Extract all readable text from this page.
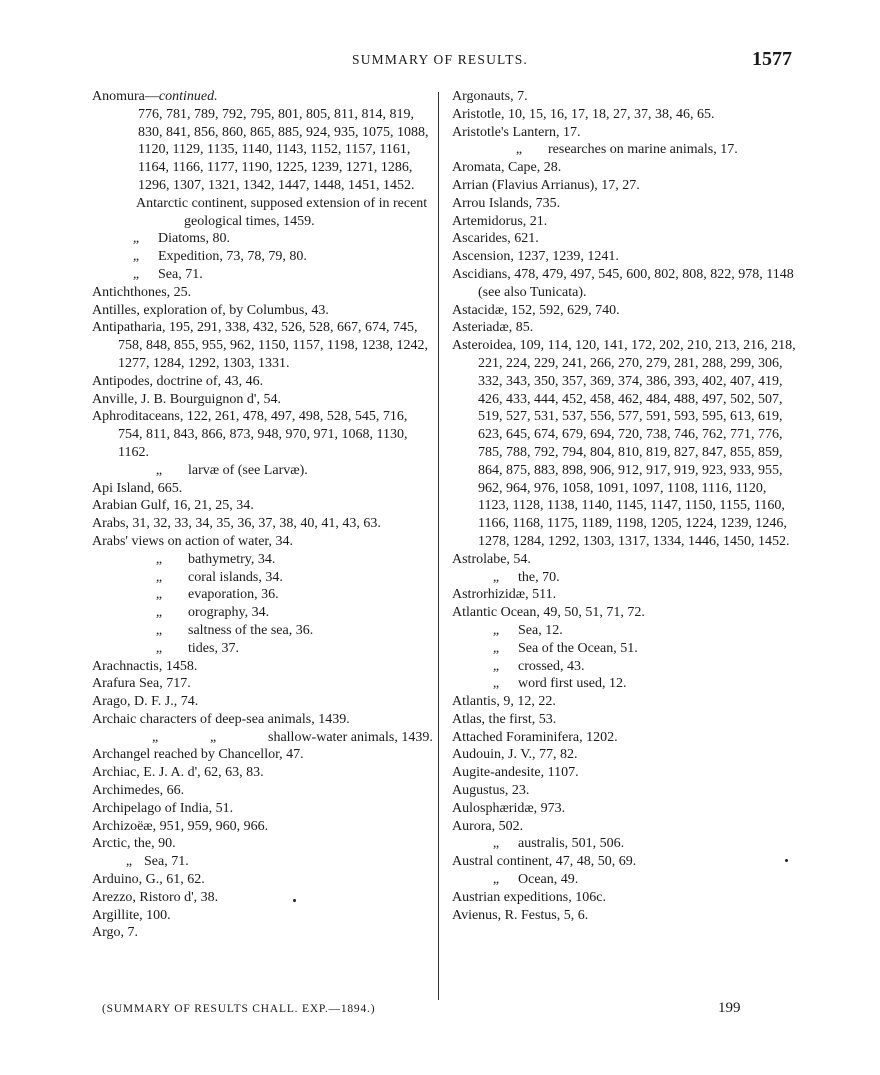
SUMMARY OF RESULTS.	1577
Anomura—continued.
776, 781, 789, 792, 795, 801, 805, 811, 814, 819, 830, 841, 856, 860, 865, 885, 924, 935, 1075, 1088, 1120, 1129, 1135, 1140, 1143, 1152, 1157, 1161, 1164, 1166, 1177, 1190, 1225, 1239, 1271, 1286, 1296, 1307, 1321, 1342, 1447, 1448, 1451, 1452.
Antarctic continent, supposed extension of in recent geological times, 1459.
„ Diatoms, 80.
„ Expedition, 73, 78, 79, 80.
„ Sea, 71.
Antichthones, 25.
Antilles, exploration of, by Columbus, 43.
Antipatharia, 195, 291, 338, 432, 526, 528, 667, 674, 745, 758, 848, 855, 955, 962, 1150, 1157, 1198, 1238, 1242, 1277, 1284, 1292, 1303, 1331.
Antipodes, doctrine of, 43, 46.
Anville, J. B. Bourguignon d', 54.
Aphroditaceans, 122, 261, 478, 497, 498, 528, 545, 716, 754, 811, 843, 866, 873, 948, 970, 971, 1068, 1130, 1162.
„ larvæ of (see Larvæ).
Api Island, 665.
Arabian Gulf, 16, 21, 25, 34.
Arabs, 31, 32, 33, 34, 35, 36, 37, 38, 40, 41, 43, 63.
Arabs' views on action of water, 34.
„ bathymetry, 34.
„ coral islands, 34.
„ evaporation, 36.
„ orography, 34.
„ saltness of the sea, 36.
„ tides, 37.
Arachnactis, 1458.
Arafura Sea, 717.
Arago, D. F. J., 74.
Archaic characters of deep-sea animals, 1439.
„	„	shallow-water animals, 1439.
Archangel reached by Chancellor, 47.
Archiac, E. J. A. d', 62, 63, 83.
Archimedes, 66.
Archipelago of India, 51.
Archizoëæ, 951, 959, 960, 966.
Arctic, the, 90.
„ Sea, 71.
Arduino, G., 61, 62.
Arezzo, Ristoro d', 38.
Argillite, 100.
Argo, 7.
Argonauts, 7.
Aristotle, 10, 15, 16, 17, 18, 27, 37, 38, 46, 65.
Aristotle's Lantern, 17.
„ researches on marine animals, 17.
Aromata, Cape, 28.
Arrian (Flavius Arrianus), 17, 27.
Arrou Islands, 735.
Artemidorus, 21.
Ascarides, 621.
Ascension, 1237, 1239, 1241.
Ascidians, 478, 479, 497, 545, 600, 802, 808, 822, 978, 1148 (see also Tunicata).
Astacidæ, 152, 592, 629, 740.
Asteriadæ, 85.
Asteroidea, 109, 114, 120, 141, 172, 202, 210, 213, 216, 218, 221, 224, 229, 241, 266, 270, 279, 281, 288, 299, 306, 332, 343, 350, 357, 369, 374, 386, 393, 402, 407, 419, 426, 433, 444, 452, 458, 462, 484, 488, 497, 502, 507, 519, 527, 531, 537, 556, 577, 591, 593, 595, 613, 619, 623, 645, 674, 679, 694, 720, 738, 746, 762, 771, 776, 785, 788, 792, 794, 804, 810, 819, 827, 847, 855, 859, 864, 875, 883, 898, 906, 912, 917, 919, 923, 933, 955, 962, 964, 976, 1058, 1091, 1097, 1108, 1116, 1120, 1123, 1128, 1138, 1140, 1145, 1147, 1150, 1155, 1160, 1166, 1168, 1175, 1189, 1198, 1205, 1224, 1239, 1246, 1278, 1284, 1292, 1303, 1317, 1334, 1446, 1450, 1452.
Astrolabe, 54.
„ the, 70.
Astrorhizidæ, 511.
Atlantic Ocean, 49, 50, 51, 71, 72.
„ Sea, 12.
„ Sea of the Ocean, 51.
„ crossed, 43.
„ word first used, 12.
Atlantis, 9, 12, 22.
Atlas, the first, 53.
Attached Foraminifera, 1202.
Audouin, J. V., 77, 82.
Augite-andesite, 1107.
Augustus, 23.
Aulosphæridæ, 973.
Aurora, 502.
„ australis, 501, 506.
Austral continent, 47, 48, 50, 69.
„ Ocean, 49.
Austrian expeditions, 106c.
Avienus, R. Festus, 5, 6.
(SUMMARY OF RESULTS CHALL. EXP.—1894.)	199
